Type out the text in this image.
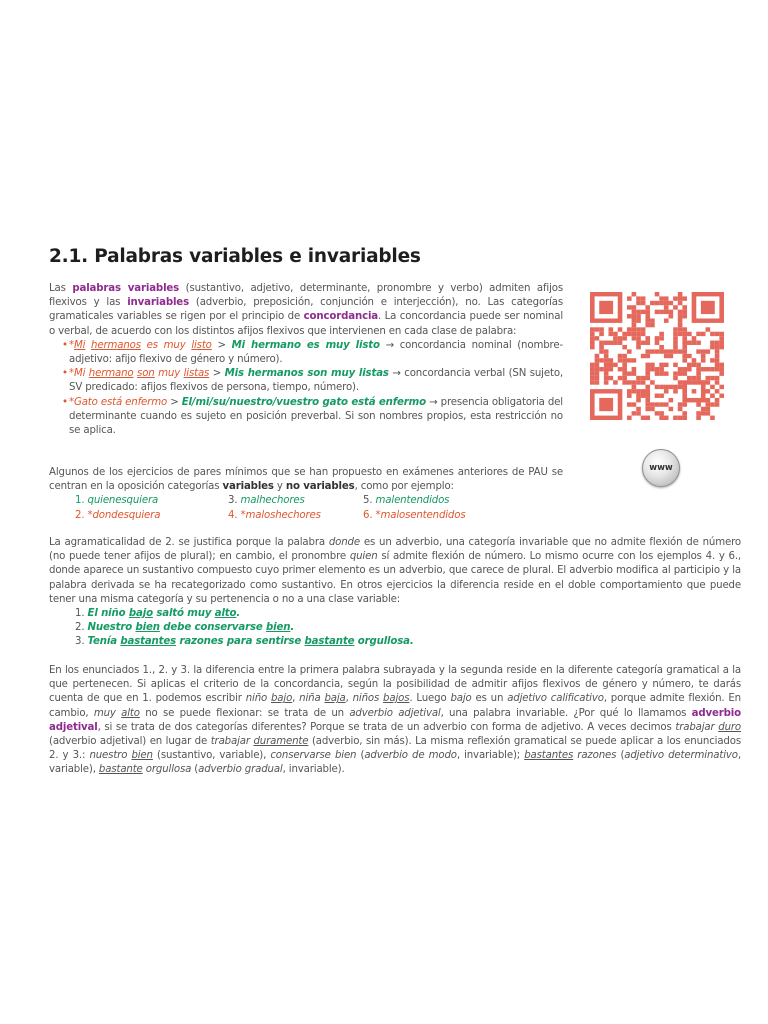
2.1. Palabras variables e invariables
Las palabras variables (sustantivo, adjetivo, determinante, pronombre y verbo) admiten afijos flexivos y las invariables (adverbio, preposición, conjunción e interjección), no. Las categorías gramaticales variables se rigen por el principio de concordancia. La concordancia puede ser nominal o verbal, de acuerdo con los distintos afijos flexivos que intervienen en cada clase de palabra:
• *Mi hermanos es muy listo > Mi hermano es muy listo → concordancia nominal (nombre-adjetivo: afijo flexivo de género y número).
• *Mi hermano son muy listas > Mis hermanos son muy listas → concordancia verbal (SN sujeto, SV predicado: afijos flexivos de persona, tiempo, número).
• *Gato está enfermo > El/mi/su/nuestro/vuestro gato está enfermo → presencia obligatoria del determinante cuando es sujeto en posición preverbal. Si son nombres propios, esta restricción no se aplica.
www
Algunos de los ejercicios de pares mínimos que se han propuesto en exámenes anteriores de PAU se centran en la oposición categorías variables y no variables, como por ejemplo:
1. quienesquiera	3. malhechores	5. malentendidos
2. *dondesquiera	4. *maloshechores	6. *malosentendidos
La agramaticalidad de 2. se justifica porque la palabra donde es un adverbio, una categoría invariable que no admite flexión de número (no puede tener afijos de plural); en cambio, el pronombre quien sí admite flexión de número. Lo mismo ocurre con los ejemplos 4. y 6., donde aparece un sustantivo compuesto cuyo primer elemento es un adverbio, que carece de plural. El adverbio modifica al participio y la palabra derivada se ha recategorizado como sustantivo. En otros ejercicios la diferencia reside en el doble comportamiento que puede tener una misma categoría y su pertenencia o no a una clase variable:
1. El niño bajo saltó muy alto.
2. Nuestro bien debe conservarse bien.
3. Tenía bastantes razones para sentirse bastante orgullosa.
En los enunciados 1., 2. y 3. la diferencia entre la primera palabra subrayada y la segunda reside en la diferente categoría gramatical a la que pertenecen. Si aplicas el criterio de la concordancia, según la posibilidad de admitir afijos flexivos de género y número, te darás cuenta de que en 1. podemos escribir niño bajo, niña baja, niños bajos. Luego bajo es un adjetivo calificativo, porque admite flexión. En cambio, muy alto no se puede flexionar: se trata de un adverbio adjetival, una palabra invariable. ¿Por qué lo llamamos adverbio adjetival, si se trata de dos categorías diferentes? Porque se trata de un adverbio con forma de adjetivo. A veces decimos trabajar duro (adverbio adjetival) en lugar de trabajar duramente (adverbio, sin más). La misma reflexión gramatical se puede aplicar a los enunciados 2. y 3.: nuestro bien (sustantivo, variable), conservarse bien (adverbio de modo, invariable); bastantes razones (adjetivo determinativo, variable), bastante orgullosa (adverbio gradual, invariable).
